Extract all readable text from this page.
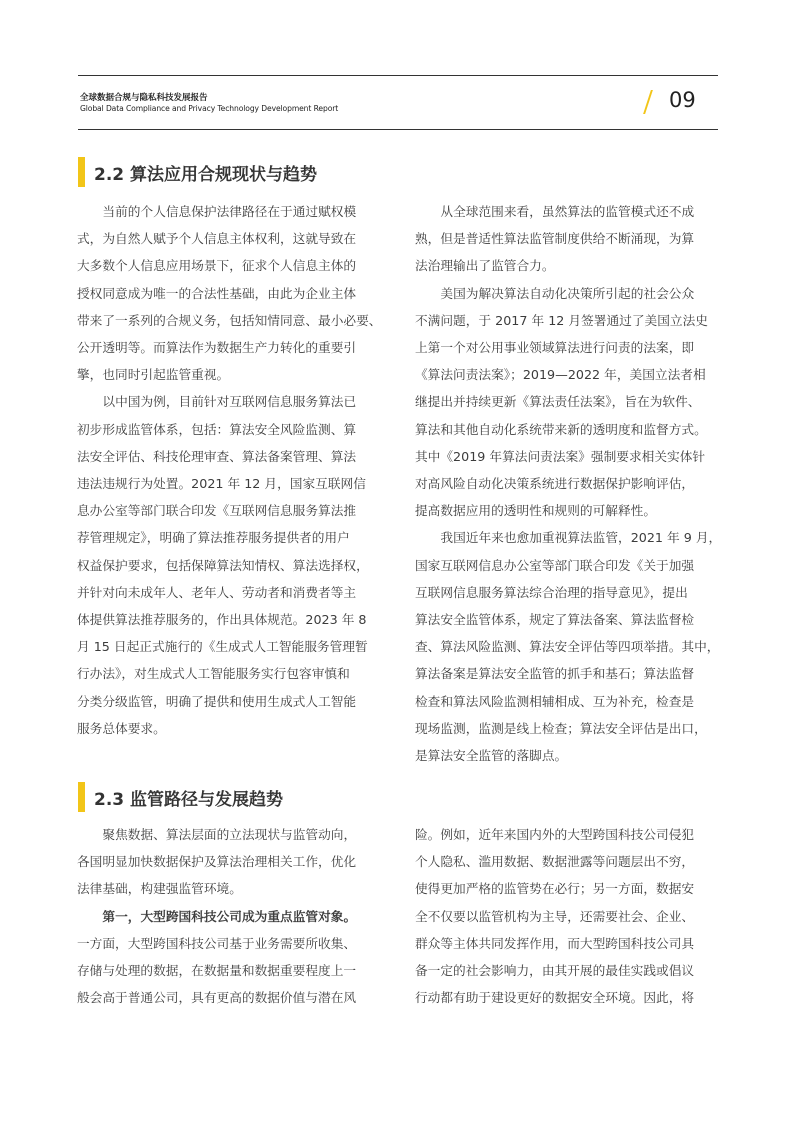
全球数据合规与隐私科技发展报告
Global Data Compliance and Privacy Technology Development Report	09
2.2 算法应用合规现状与趋势

当前的个人信息保护法律路径在于通过赋权模

式，为自然人赋予个人信息主体权利，这就导致在

大多数个人信息应用场景下，征求个人信息主体的

授权同意成为唯一的合法性基础，由此为企业主体

带来了一系列的合规义务，包括知情同意、最小必要、

公开透明等。而算法作为数据生产力转化的重要引

擎，也同时引起监管重视。

以中国为例，目前针对互联网信息服务算法已

初步形成监管体系，包括：算法安全风险监测、算

法安全评估、科技伦理审查、算法备案管理、算法

违法违规行为处置。2021 年 12 月，国家互联网信

息办公室等部门联合印发《互联网信息服务算法推

荐管理规定》，明确了算法推荐服务提供者的用户

权益保护要求，包括保障算法知情权、算法选择权，

并针对向未成年人、老年人、劳动者和消费者等主

体提供算法推荐服务的，作出具体规范。2023 年 8

月 15 日起正式施行的《生成式人工智能服务管理暂

行办法》，对生成式人工智能服务实行包容审慎和

分类分级监管，明确了提供和使用生成式人工智能

服务总体要求。

从全球范围来看，虽然算法的监管模式还不成

熟，但是普适性算法监管制度供给不断涌现，为算

法治理输出了监管合力。

美国为解决算法自动化决策所引起的社会公众

不满问题，于 2017 年 12 月签署通过了美国立法史

上第一个对公用事业领域算法进行问责的法案，即

《算法问责法案》；2019—2022 年，美国立法者相

继提出并持续更新《算法责任法案》，旨在为软件、

算法和其他自动化系统带来新的透明度和监督方式。

其中《2019 年算法问责法案》强制要求相关实体针

对高风险自动化决策系统进行数据保护影响评估，

提高数据应用的透明性和规则的可解释性。

我国近年来也愈加重视算法监管，2021 年 9 月，

国家互联网信息办公室等部门联合印发《关于加强

互联网信息服务算法综合治理的指导意见》，提出

算法安全监管体系，规定了算法备案、算法监督检

查、算法风险监测、算法安全评估等四项举措。其中，

算法备案是算法安全监管的抓手和基石；算法监督

检查和算法风险监测相辅相成、互为补充，检查是

现场监测，监测是线上检查；算法安全评估是出口，

是算法安全监管的落脚点。

2.3 监管路径与发展趋势

聚焦数据、算法层面的立法现状与监管动向，

各国明显加快数据保护及算法治理相关工作，优化

法律基础，构建强监管环境。

第一，大型跨国科技公司成为重点监管对象。

一方面，大型跨国科技公司基于业务需要所收集、

存储与处理的数据，在数据量和数据重要程度上一

般会高于普通公司，具有更高的数据价值与潜在风

险。例如，近年来国内外的大型跨国科技公司侵犯

个人隐私、滥用数据、数据泄露等问题层出不穷，

使得更加严格的监管势在必行；另一方面，数据安

全不仅要以监管机构为主导，还需要社会、企业、

群众等主体共同发挥作用，而大型跨国科技公司具

备一定的社会影响力，由其开展的最佳实践或倡议

行动都有助于建设更好的数据安全环境。因此，将
